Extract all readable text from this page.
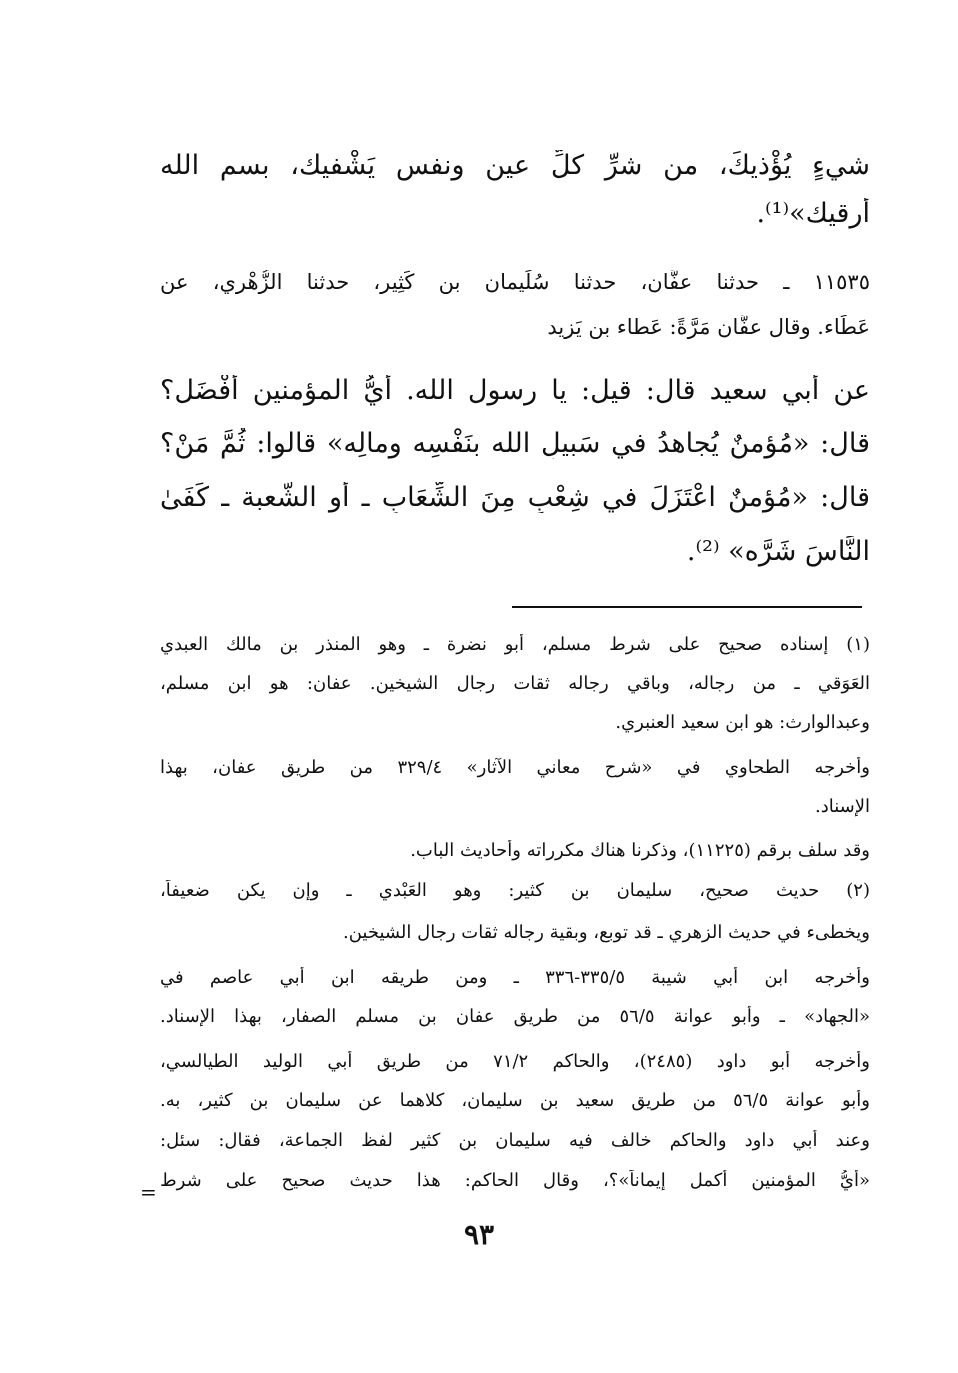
شيءٍ يُؤْذيكَ، من شرِّ كلِّ عينٍ ونفسٍ يَشْفيك، بسم الله
أرقيك»⁽¹⁾.
١١٥٣٥ ـ حدثنا عفَّان، حدثنا سُلَيمان بن كَثِير، حدثنا الزُّهْري، عن
عَطَاء. وقال عفَّان مَرَّةً: عَطاء بن يَزيد
عن أبي سعيد قال: قيل: يا رسول الله. أيُّ المؤمنين أفْضَل؟
قال: «مُؤمنٌ يُجاهدُ في سَبيلِ الله بنَفْسِه ومالِه» قالوا: ثُمَّ مَنْ؟
قال: «مُؤمنٌ اعْتَزَلَ في شِعْبٍ مِنَ الشِّعَابِ ـ أو الشُّعبة ـ كَفَىٰ
النَّاسَ شَرَّه» ⁽²⁾.
(١) إسناده صحيح على شرط مسلم، أبو نضرة ـ وهو المنذر بن مالك العبدي
العَوَقي ـ من رجاله، وباقي رجاله ثقات رجال الشيخين. عفان: هو ابن مسلم،
وعبدالوارث: هو ابن سعيد العنبري.
وأخرجه الطحاوي في «شرح معاني الآثار» ٣٢٩/٤ من طريق عفان، بهذا
الإسناد.
وقد سلف برقم (١١٢٢٥)، وذكرنا هناك مكرراته وأحاديث الباب.
(٢) حديث صحيح، سليمان بن كثير: وهو العَبْدي ـ وإن يكن ضعيفاً،
ويخطىء في حديث الزهري ـ قد توبع، وبقية رجاله ثقات رجال الشيخين.
وأخرجه ابن أبي شيبة ٣٣٥/٥-٣٣٦ ـ ومن طريقه ابن أبي عاصم في
«الجهاد» ـ وأبو عوانة ٥٦/٥ من طريق عفان بن مسلم الصفار، بهذا الإسناد.
وأخرجه أبو داود (٢٤٨٥)، والحاكم ٧١/٢ من طريق أبي الوليد الطيالسي،
وأبو عوانة ٥٦/٥ من طريق سعيد بن سليمان، كلاهما عن سليمان بن كثير، به.
وعند أبي داود والحاكم خالف فيه سليمان بن كثير لفظ الجماعة، فقال: سئل:
«أيُّ المؤمنين أكمل إيماناً»؟، وقال الحاكم: هذا حديث صحيح على شرط
=
٩٣
